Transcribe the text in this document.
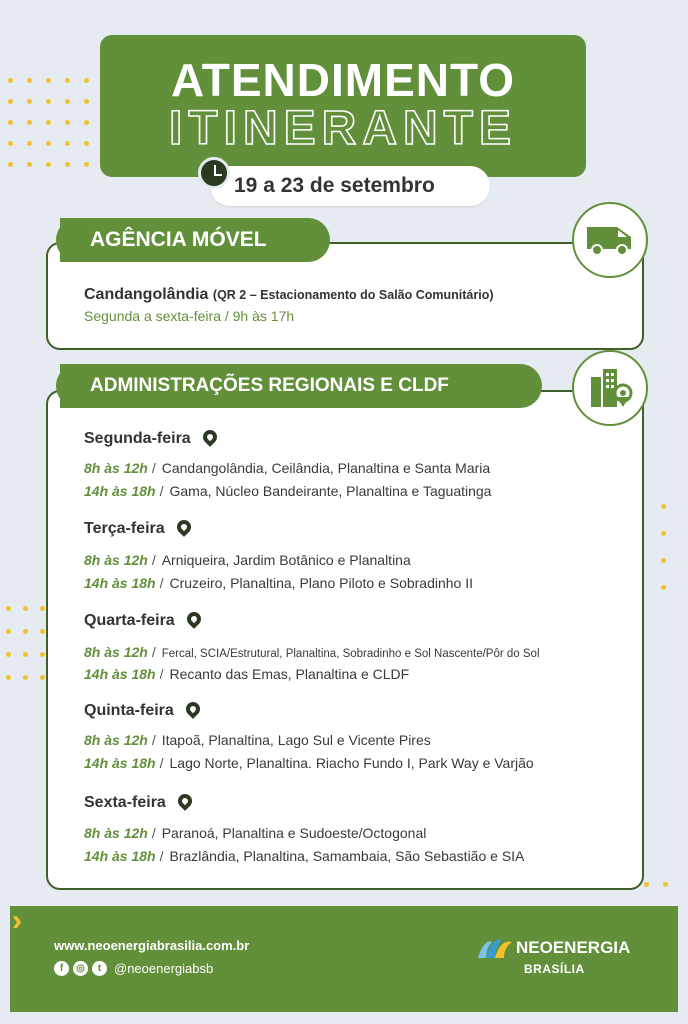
ATENDIMENTO
ITINERANTE
19 a 23 de setembro
Candangolândia (QR 2 – Estacionamento do Salão Comunitário)
Segunda a sexta-feira / 9h às 17h
AGÊNCIA MÓVEL
Segunda-feira
8h às 12h / Candangolândia, Ceilândia, Planaltina e Santa Maria
14h às 18h / Gama, Núcleo Bandeirante, Planaltina e Taguatinga
Terça-feira
8h às 12h / Arniqueira, Jardim Botânico e Planaltina
14h às 18h / Cruzeiro, Planaltina, Plano Piloto e Sobradinho II
Quarta-feira
8h às 12h / Fercal, SCIA/Estrutural, Planaltina, Sobradinho e Sol Nascente/Pôr do Sol
14h às 18h / Recanto das Emas, Planaltina e CLDF
Quinta-feira
8h às 12h / Itapoã, Planaltina, Lago Sul e Vicente Pires
14h às 18h / Lago Norte, Planaltina. Riacho Fundo I, Park Way e Varjão
Sexta-feira
8h às 12h / Paranoá, Planaltina e Sudoeste/Octogonal
14h às 18h / Brazlândia, Planaltina, Samambaia, São Sebastião e SIA
ADMINISTRAÇÕES REGIONAIS E CLDF
www.neoenergiabrasilia.com.br
f	◎	t @neoenergiabsb
NEOENERGIA
BRASÍLIA
